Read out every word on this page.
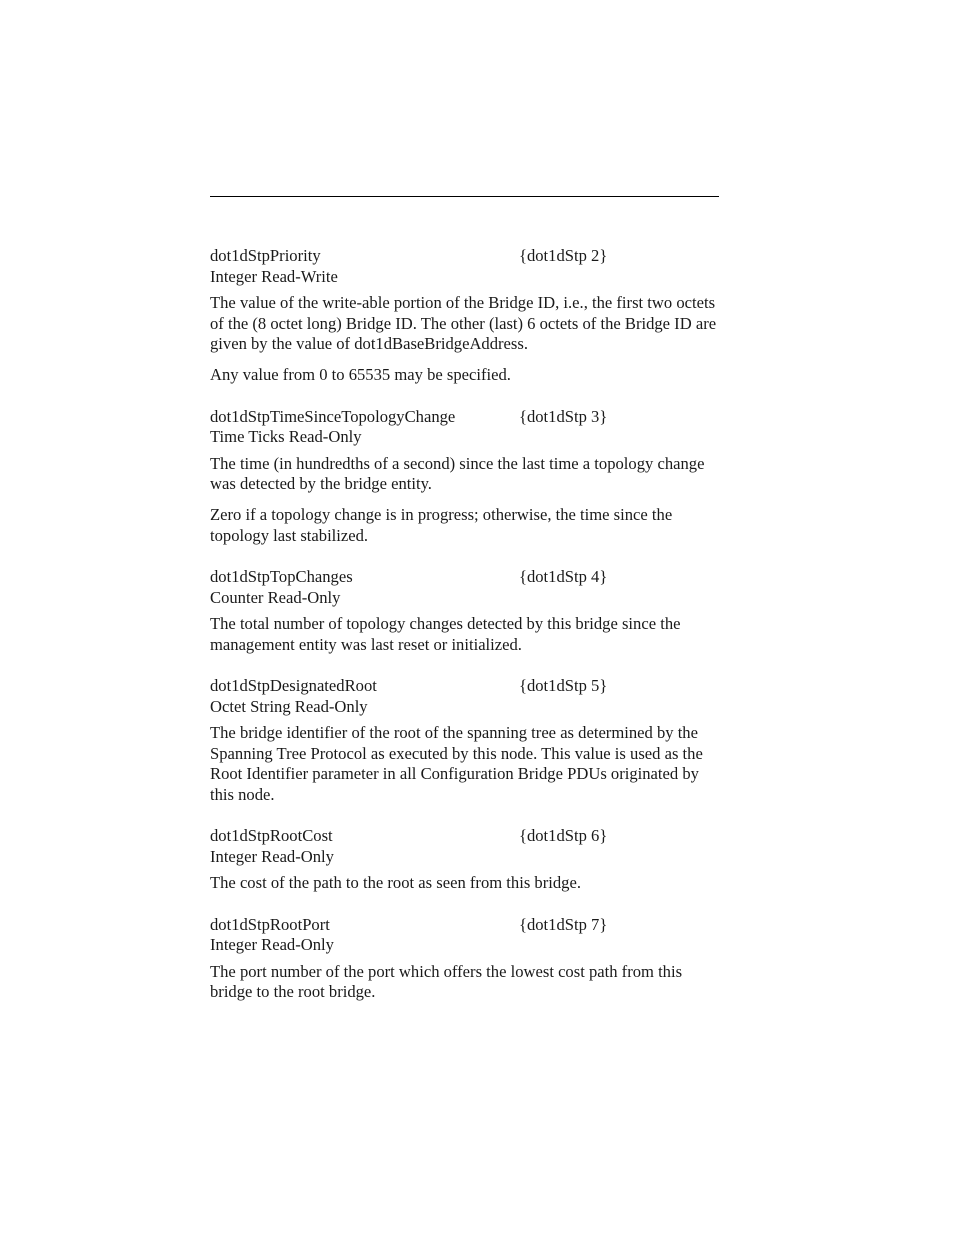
dot1dStpPriority	{dot1dStp 2}
Integer Read-Write

The value of the write-able portion of the Bridge ID, i.e., the first two octets of the (8 octet long) Bridge ID. The other (last) 6 octets of the Bridge ID are given by the value of dot1dBaseBridgeAddress.

Any value from 0 to 65535 may be specified.

dot1dStpTimeSinceTopologyChange	{dot1dStp 3}
Time Ticks Read-Only

The time (in hundredths of a second) since the last time a topology change was detected by the bridge entity.

Zero if a topology change is in progress; otherwise, the time since the topology last stabilized.

dot1dStpTopChanges	{dot1dStp 4}
Counter Read-Only

The total number of topology changes detected by this bridge since the management entity was last reset or initialized.

dot1dStpDesignatedRoot	{dot1dStp 5}
Octet String Read-Only

The bridge identifier of the root of the spanning tree as determined by the Spanning Tree Protocol as executed by this node. This value is used as the Root Identifier parameter in all Configuration Bridge PDUs originated by this node.

dot1dStpRootCost	{dot1dStp 6}
Integer Read-Only

The cost of the path to the root as seen from this bridge.

dot1dStpRootPort	{dot1dStp 7}
Integer Read-Only

The port number of the port which offers the lowest cost path from this bridge to the root bridge.
